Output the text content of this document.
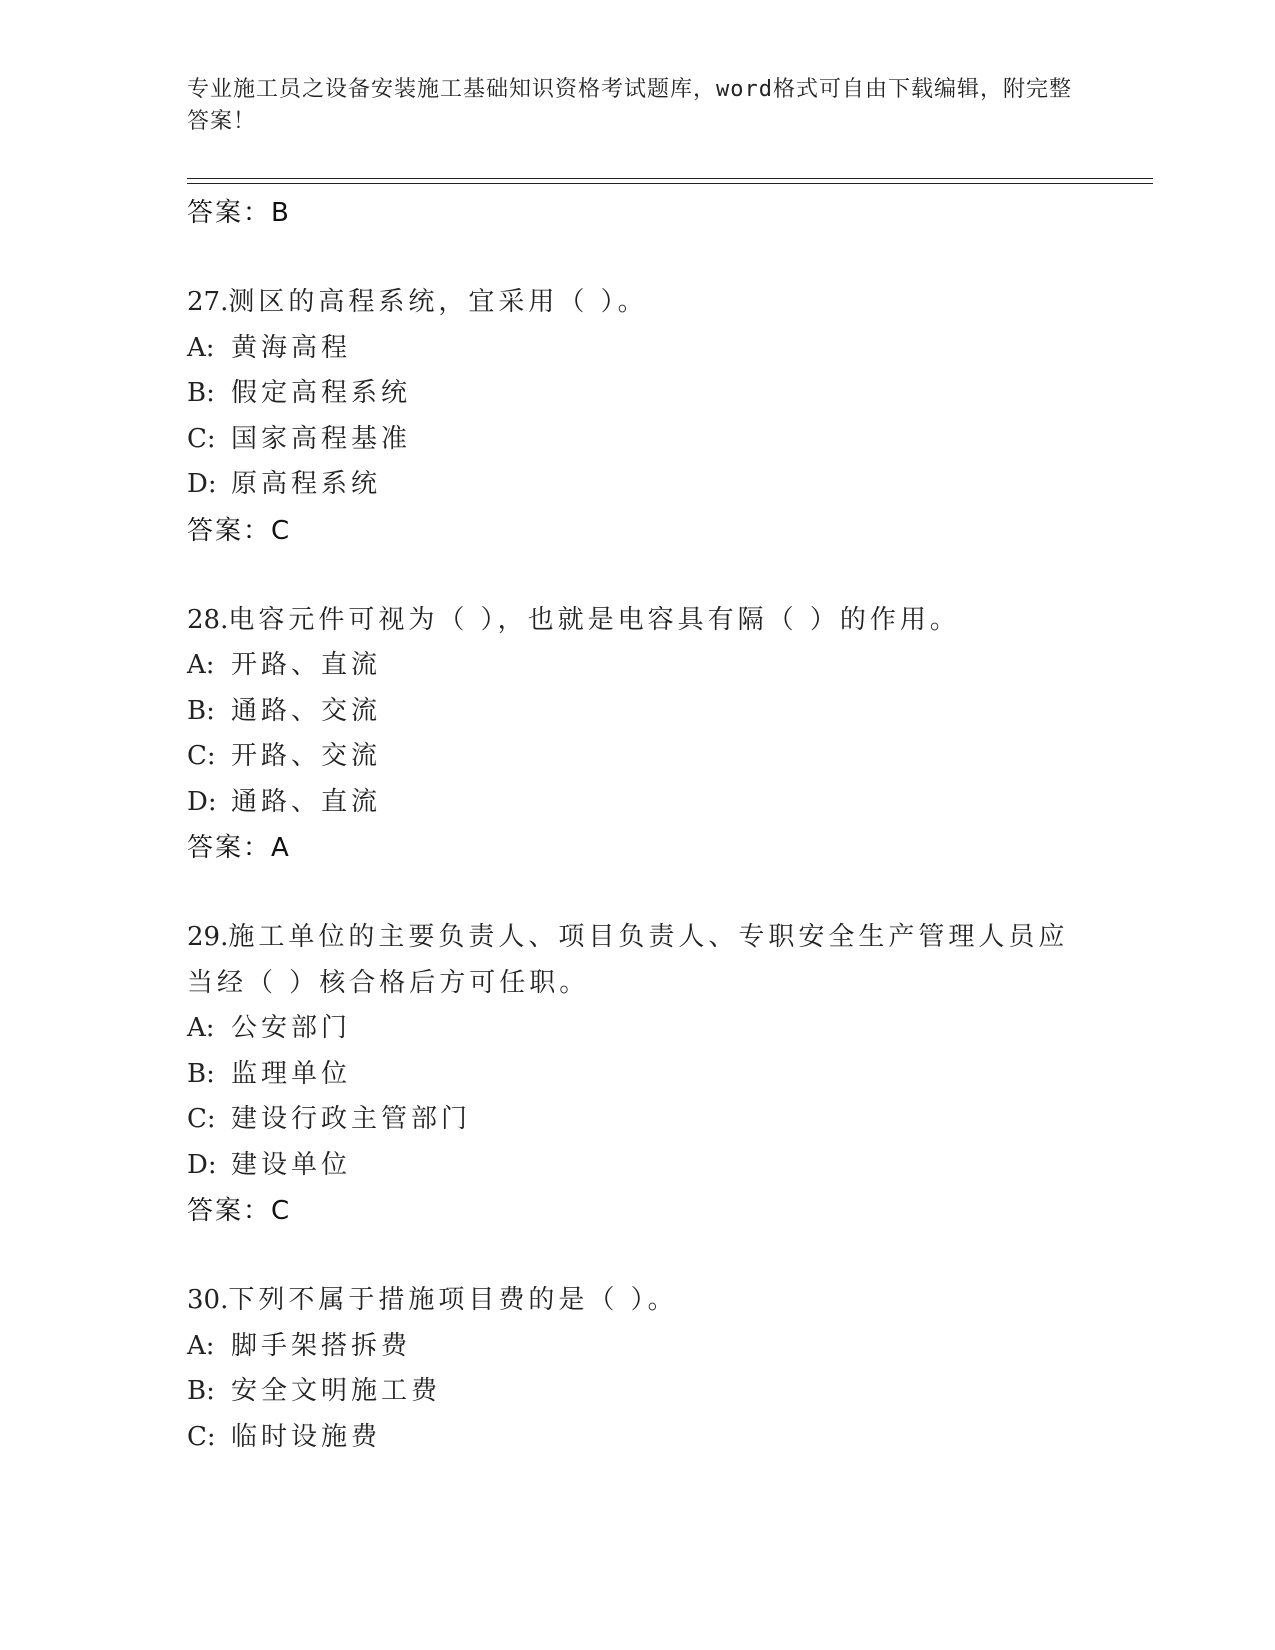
专业施工员之设备安装施工基础知识资格考试题库，word格式可自由下载编辑，附完整答案！
答案：B
27.测区的高程系统，宜采用（ ）。
A: 黄海高程
B: 假定高程系统
C: 国家高程基准
D: 原高程系统
答案：C
28.电容元件可视为（ ），也就是电容具有隔（ ）的作用。
A: 开路、直流
B: 通路、交流
C: 开路、交流
D: 通路、直流
答案：A
29.施工单位的主要负责人、项目负责人、专职安全生产管理人员应当经（ ）核合格后方可任职。
A: 公安部门
B: 监理单位
C: 建设行政主管部门
D: 建设单位
答案：C
30.下列不属于措施项目费的是（ ）。
A: 脚手架搭拆费
B: 安全文明施工费
C: 临时设施费
